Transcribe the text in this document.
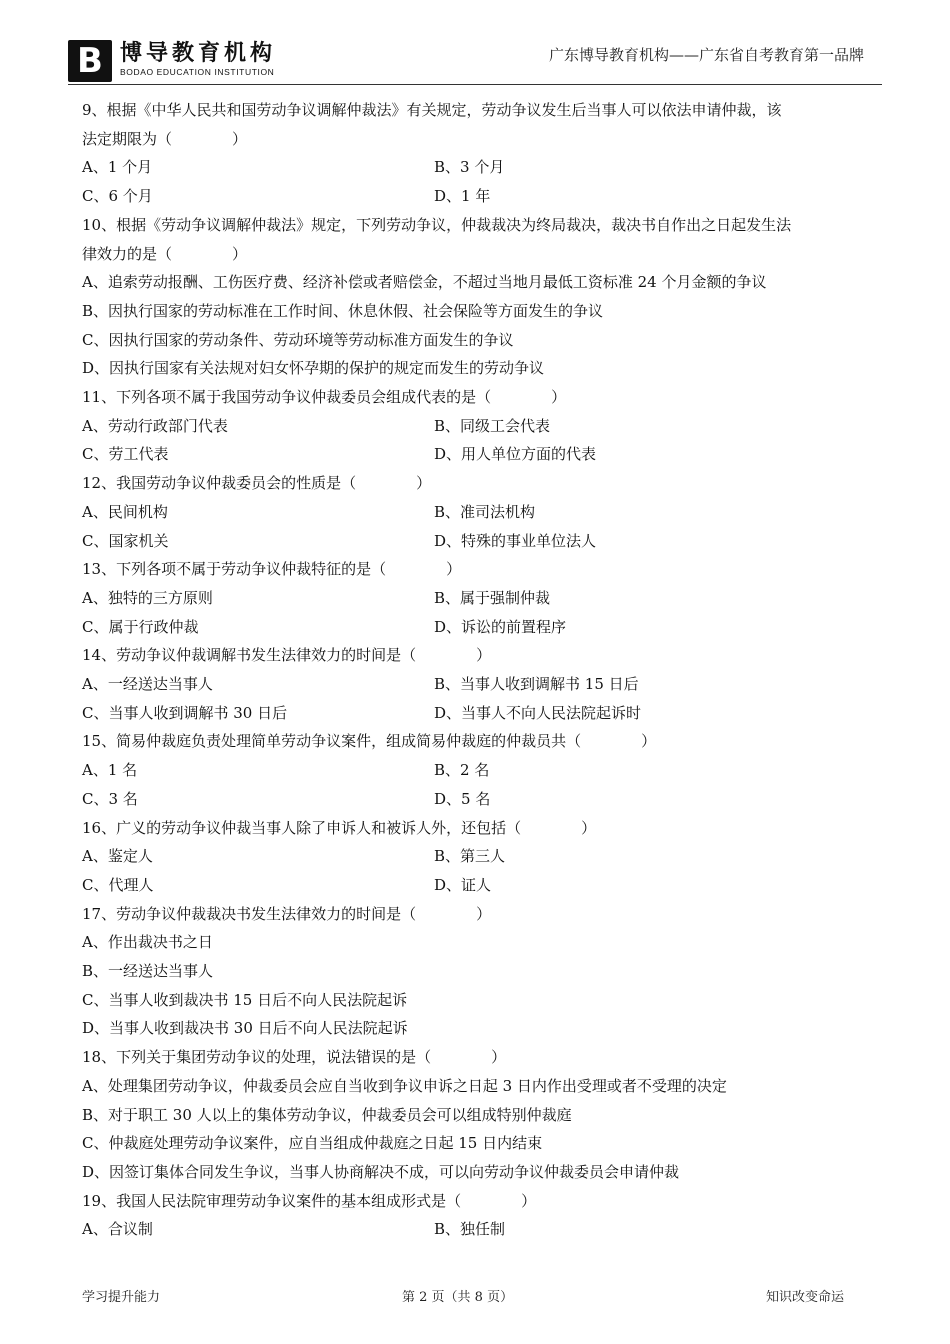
B 博导教育机构
BODAO EDUCATION INSTITUTION
广东博导教育机构——广东省自考教育第一品牌
9、根据《中华人民共和国劳动争议调解仲裁法》有关规定，劳动争议发生后当事人可以依法申请仲裁，该
法定期限为（　　　　）
A、1 个月	B、3 个月
C、6 个月	D、1 年
10、根据《劳动争议调解仲裁法》规定，下列劳动争议，仲裁裁决为终局裁决，裁决书自作出之日起发生法
律效力的是（　　　　）
A、追索劳动报酬、工伤医疗费、经济补偿或者赔偿金，不超过当地月最低工资标准 24 个月金额的争议
B、因执行国家的劳动标准在工作时间、休息休假、社会保险等方面发生的争议
C、因执行国家的劳动条件、劳动环境等劳动标准方面发生的争议
D、因执行国家有关法规对妇女怀孕期的保护的规定而发生的劳动争议
11、下列各项不属于我国劳动争议仲裁委员会组成代表的是（　　　　）
A、劳动行政部门代表	B、同级工会代表
C、劳工代表	D、用人单位方面的代表
12、我国劳动争议仲裁委员会的性质是（　　　　）
A、民间机构	B、准司法机构
C、国家机关	D、特殊的事业单位法人
13、下列各项不属于劳动争议仲裁特征的是（　　　　）
A、独特的三方原则	B、属于强制仲裁
C、属于行政仲裁	D、诉讼的前置程序
14、劳动争议仲裁调解书发生法律效力的时间是（　　　　）
A、一经送达当事人	B、当事人收到调解书 15 日后
C、当事人收到调解书 30 日后	D、当事人不向人民法院起诉时
15、简易仲裁庭负责处理简单劳动争议案件，组成简易仲裁庭的仲裁员共（　　　　）
A、1 名	B、2 名
C、3 名	D、5 名
16、广义的劳动争议仲裁当事人除了申诉人和被诉人外，还包括（　　　　）
A、鉴定人	B、第三人
C、代理人	D、证人
17、劳动争议仲裁裁决书发生法律效力的时间是（　　　　）
A、作出裁决书之日
B、一经送达当事人
C、当事人收到裁决书 15 日后不向人民法院起诉
D、当事人收到裁决书 30 日后不向人民法院起诉
18、下列关于集团劳动争议的处理，说法错误的是（　　　　）
A、处理集团劳动争议，仲裁委员会应自当收到争议申诉之日起 3 日内作出受理或者不受理的决定
B、对于职工 30 人以上的集体劳动争议，仲裁委员会可以组成特别仲裁庭
C、仲裁庭处理劳动争议案件，应自当组成仲裁庭之日起 15 日内结束
D、因签订集体合同发生争议，当事人协商解决不成，可以向劳动争议仲裁委员会申请仲裁
19、我国人民法院审理劳动争议案件的基本组成形式是（　　　　）
A、合议制	B、独任制
学习提升能力	第 2 页（共 8 页）	知识改变命运
